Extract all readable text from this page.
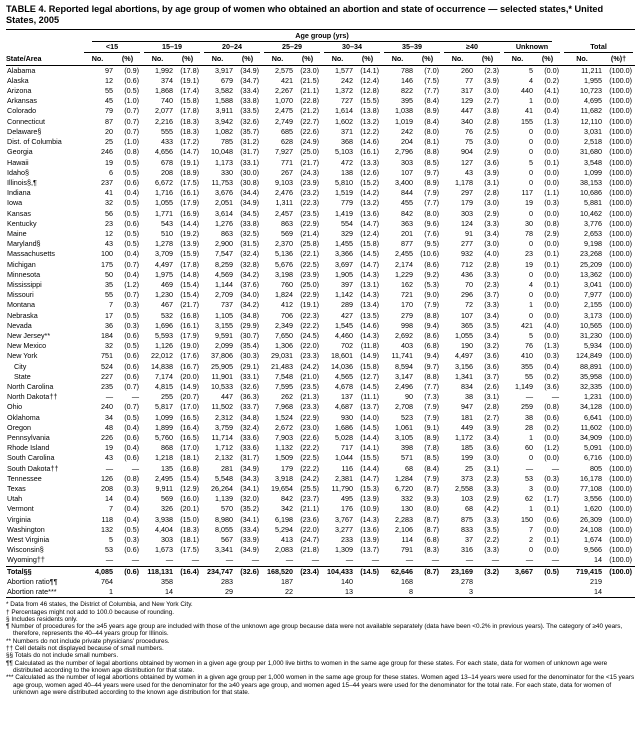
TABLE 4. Reported legal abortions, by age group of women who obtained an abortion and state of occurrence — selected states,* United States, 2005

	Age group (yrs)																	

	<15		15–19		20–24		25–29		30–34		35–39		≥40		Unknown		Total	

State/Area	No.	(%)	No.	(%)	No.	(%)	No.	(%)	No.	(%)	No.	(%)	No.	(%)	No.	(%)	No.	(%)†
Alabama	97	(0.9)	1,992	(17.8)	3,917	(34.9)	2,575	(23.0)	1,577	(14.1)	788	(7.0)	260	(2.3)	5	(0.0)	11,211	(100.0)
Alaska	12	(0.6)	374	(19.1)	679	(34.7)	421	(21.5)	242	(12.4)	146	(7.5)	77	(3.9)	4	(0.2)	1,955	(100.0)
Arizona	55	(0.5)	1,868	(17.4)	3,582	(33.4)	2,267	(21.1)	1,372	(12.8)	822	(7.7)	317	(3.0)	440	(4.1)	10,723	(100.0)
Arkansas	45	(1.0)	740	(15.8)	1,588	(33.8)	1,070	(22.8)	727	(15.5)	395	(8.4)	129	(2.7)	1	(0.0)	4,695	(100.0)
Colorado	79	(0.7)	2,077	(17.8)	3,911	(33.5)	2,475	(21.2)	1,614	(13.8)	1,038	(8.9)	447	(3.8)	41	(0.4)	11,682	(100.0)
Connecticut	87	(0.7)	2,216	(18.3)	3,942	(32.6)	2,749	(22.7)	1,602	(13.2)	1,019	(8.4)	340	(2.8)	155	(1.3)	12,110	(100.0)
Delaware§	20	(0.7)	555	(18.3)	1,082	(35.7)	685	(22.6)	371	(12.2)	242	(8.0)	76	(2.5)	0	(0.0)	3,031	(100.0)
Dist. of Columbia	25	(1.0)	433	(17.2)	785	(31.2)	628	(24.9)	368	(14.6)	204	(8.1)	75	(3.0)	0	(0.0)	2,518	(100.0)
Georgia	246	(0.8)	4,656	(14.7)	10,048	(31.7)	7,927	(25.0)	5,103	(16.1)	2,796	(8.8)	904	(2.9)	0	(0.0)	31,680	(100.0)
Hawaii	19	(0.5)	678	(19.1)	1,173	(33.1)	771	(21.7)	472	(13.3)	303	(8.5)	127	(3.6)	5	(0.1)	3,548	(100.0)
Idaho§	6	(0.5)	208	(18.9)	330	(30.0)	267	(24.3)	138	(12.6)	107	(9.7)	43	(3.9)	0	(0.0)	1,099	(100.0)
Illinois§,¶	237	(0.6)	6,672	(17.5)	11,753	(30.8)	9,103	(23.9)	5,810	(15.2)	3,400	(8.9)	1,178	(3.1)	0	(0.0)	38,153	(100.0)
Indiana	41	(0.4)	1,716	(16.1)	3,676	(34.4)	2,476	(23.2)	1,519	(14.2)	844	(7.9)	297	(2.8)	117	(1.1)	10,686	(100.0)
Iowa	32	(0.5)	1,055	(17.9)	2,051	(34.9)	1,311	(22.3)	779	(13.2)	455	(7.7)	179	(3.0)	19	(0.3)	5,881	(100.0)
Kansas	56	(0.5)	1,771	(16.9)	3,614	(34.5)	2,457	(23.5)	1,419	(13.6)	842	(8.0)	303	(2.9)	0	(0.0)	10,462	(100.0)
Kentucky	23	(0.6)	543	(14.4)	1,276	(33.8)	863	(22.9)	554	(14.7)	363	(9.6)	124	(3.3)	30	(0.8)	3,776	(100.0)
Maine	12	(0.5)	510	(19.2)	863	(32.5)	569	(21.4)	329	(12.4)	201	(7.6)	91	(3.4)	78	(2.9)	2,653	(100.0)
Maryland§	43	(0.5)	1,278	(13.9)	2,900	(31.5)	2,370	(25.8)	1,455	(15.8)	877	(9.5)	277	(3.0)	0	(0.0)	9,198	(100.0)
Massachusetts	100	(0.4)	3,709	(15.9)	7,547	(32.4)	5,136	(22.1)	3,366	(14.5)	2,455	(10.6)	932	(4.0)	23	(0.1)	23,268	(100.0)
Michigan	175	(0.7)	4,497	(17.8)	8,259	(32.8)	5,676	(22.5)	3,697	(14.7)	2,174	(8.6)	712	(2.8)	19	(0.1)	25,209	(100.0)
Minnesota	50	(0.4)	1,975	(14.8)	4,569	(34.2)	3,198	(23.9)	1,905	(14.3)	1,229	(9.2)	436	(3.3)	0	(0.0)	13,362	(100.0)
Mississippi	35	(1.2)	469	(15.4)	1,144	(37.6)	760	(25.0)	397	(13.1)	162	(5.3)	70	(2.3)	4	(0.1)	3,041	(100.0)
Missouri	55	(0.7)	1,230	(15.4)	2,709	(34.0)	1,824	(22.9)	1,142	(14.3)	721	(9.0)	296	(3.7)	0	(0.0)	7,977	(100.0)
Montana	7	(0.3)	467	(21.7)	737	(34.2)	412	(19.1)	289	(13.4)	170	(7.9)	72	(3.3)	1	(0.0)	2,155	(100.0)
Nebraska	17	(0.5)	532	(16.8)	1,105	(34.8)	706	(22.3)	427	(13.5)	279	(8.8)	107	(3.4)	0	(0.0)	3,173	(100.0)
Nevada	36	(0.3)	1,696	(16.1)	3,155	(29.9)	2,349	(22.2)	1,545	(14.6)	998	(9.4)	365	(3.5)	421	(4.0)	10,565	(100.0)
New Jersey**	184	(0.6)	5,593	(17.9)	9,591	(30.7)	7,650	(24.5)	4,460	(14.3)	2,692	(8.6)	1,055	(3.4)	5	(0.0)	31,230	(100.0)
New Mexico	32	(0.5)	1,126	(19.0)	2,099	(35.4)	1,306	(22.0)	702	(11.8)	403	(6.8)	190	(3.2)	76	(1.3)	5,934	(100.0)
New York	751	(0.6)	22,012	(17.6)	37,806	(30.3)	29,031	(23.3)	18,601	(14.9)	11,741	(9.4)	4,497	(3.6)	410	(0.3)	124,849	(100.0)
City	524	(0.6)	14,838	(16.7)	25,905	(29.1)	21,483	(24.2)	14,036	(15.8)	8,594	(9.7)	3,156	(3.6)	355	(0.4)	88,891	(100.0)
State	227	(0.6)	7,174	(20.0)	11,901	(33.1)	7,548	(21.0)	4,565	(12.7)	3,147	(8.8)	1,341	(3.7)	55	(0.2)	35,958	(100.0)
North Carolina	235	(0.7)	4,815	(14.9)	10,533	(32.6)	7,595	(23.5)	4,678	(14.5)	2,496	(7.7)	834	(2.6)	1,149	(3.6)	32,335	(100.0)
North Dakota††	—	—	255	(20.7)	447	(36.3)	262	(21.3)	137	(11.1)	90	(7.3)	38	(3.1)	—	—	1,231	(100.0)
Ohio	240	(0.7)	5,817	(17.0)	11,502	(33.7)	7,968	(23.3)	4,687	(13.7)	2,708	(7.9)	947	(2.8)	259	(0.8)	34,128	(100.0)
Oklahoma	34	(0.5)	1,099	(16.5)	2,312	(34.8)	1,524	(22.9)	930	(14.0)	523	(7.9)	181	(2.7)	38	(0.6)	6,641	(100.0)
Oregon	48	(0.4)	1,899	(16.4)	3,759	(32.4)	2,672	(23.0)	1,686	(14.5)	1,061	(9.1)	449	(3.9)	28	(0.2)	11,602	(100.0)
Pennsylvania	226	(0.6)	5,760	(16.5)	11,714	(33.6)	7,903	(22.6)	5,028	(14.4)	3,105	(8.9)	1,172	(3.4)	1	(0.0)	34,909	(100.0)
Rhode Island	19	(0.4)	868	(17.0)	1,712	(33.6)	1,132	(22.2)	717	(14.1)	398	(7.8)	185	(3.6)	60	(1.2)	5,091	(100.0)
South Carolina	43	(0.6)	1,218	(18.1)	2,132	(31.7)	1,509	(22.5)	1,044	(15.5)	571	(8.5)	199	(3.0)	0	(0.0)	6,716	(100.0)
South Dakota††	—	—	135	(16.8)	281	(34.9)	179	(22.2)	116	(14.4)	68	(8.4)	25	(3.1)	—	—	805	(100.0)
Tennessee	126	(0.8)	2,495	(15.4)	5,548	(34.3)	3,918	(24.2)	2,381	(14.7)	1,284	(7.9)	373	(2.3)	53	(0.3)	16,178	(100.0)
Texas	208	(0.3)	9,911	(12.9)	26,264	(34.1)	19,654	(25.5)	11,790	(15.3)	6,720	(8.7)	2,558	(3.3)	3	(0.0)	77,108	(100.0)
Utah	14	(0.4)	569	(16.0)	1,139	(32.0)	842	(23.7)	495	(13.9)	332	(9.3)	103	(2.9)	62	(1.7)	3,556	(100.0)
Vermont	7	(0.4)	326	(20.1)	570	(35.2)	342	(21.1)	176	(10.9)	130	(8.0)	68	(4.2)	1	(0.1)	1,620	(100.0)
Virginia	118	(0.4)	3,938	(15.0)	8,980	(34.1)	6,198	(23.6)	3,767	(14.3)	2,283	(8.7)	875	(3.3)	150	(0.6)	26,309	(100.0)
Washington	132	(0.5)	4,404	(18.3)	8,055	(33.4)	5,294	(22.0)	3,277	(13.6)	2,106	(8.7)	833	(3.5)	7	(0.0)	24,108	(100.0)
West Virginia	5	(0.3)	303	(18.1)	567	(33.9)	413	(24.7)	233	(13.9)	114	(6.8)	37	(2.2)	2	(0.1)	1,674	(100.0)
Wisconsin§	53	(0.6)	1,673	(17.5)	3,341	(34.9)	2,083	(21.8)	1,309	(13.7)	791	(8.3)	316	(3.3)	0	(0.0)	9,566	(100.0)
Wyoming††	—	—	—	—	—	—	—	—	—	—	—	—	—	—	—	—	14	(100.0)
Total§§	4,085	(0.6)	118,131	(16.4)	234,747	(32.6)	168,520	(23.4)	104,433	(14.5)	62,646	(8.7)	23,169	(3.2)	3,667	(0.5)	719,415	(100.0)
Abortion ratio¶¶	764		358		283		187		140		168		278				219	
Abortion rate***	1		14		29		22		13		8		3				14	
* Data from 46 states, the District of Columbia, and New York City.
† Percentages might not add to 100.0 because of rounding.
§ Includes residents only.
¶ Number of procedures for the ≥45 years age group are included with those of the unknown age group because data were not available separately (data have been <0.2% in previous years). The category of ≥40 years, therefore, represents the 40–44 years group for Illinois.
** Numbers do not include private physicians' procedures.
†† Cell details not displayed because of small numbers.
§§ Totals do not include small numbers.
¶¶ Calculated as the number of legal abortions obtained by women in a given age group per 1,000 live births to women in the same age group for these states. For each state, data for women of unknown age were distributed according to the known age distribution for that state.
*** Calculated as the number of legal abortions obtained by women in a given age group per 1,000 women in the same age group for these states. Women aged 13–14 years were used for the denominator for the <15 years age group, women aged 40–44 years were used for the denominator for the ≥40 years age group, and women aged 15–44 years were used for the denominator for the total rate. For each state, data for women of unknown age were distributed according to the known age distribution for that state.
